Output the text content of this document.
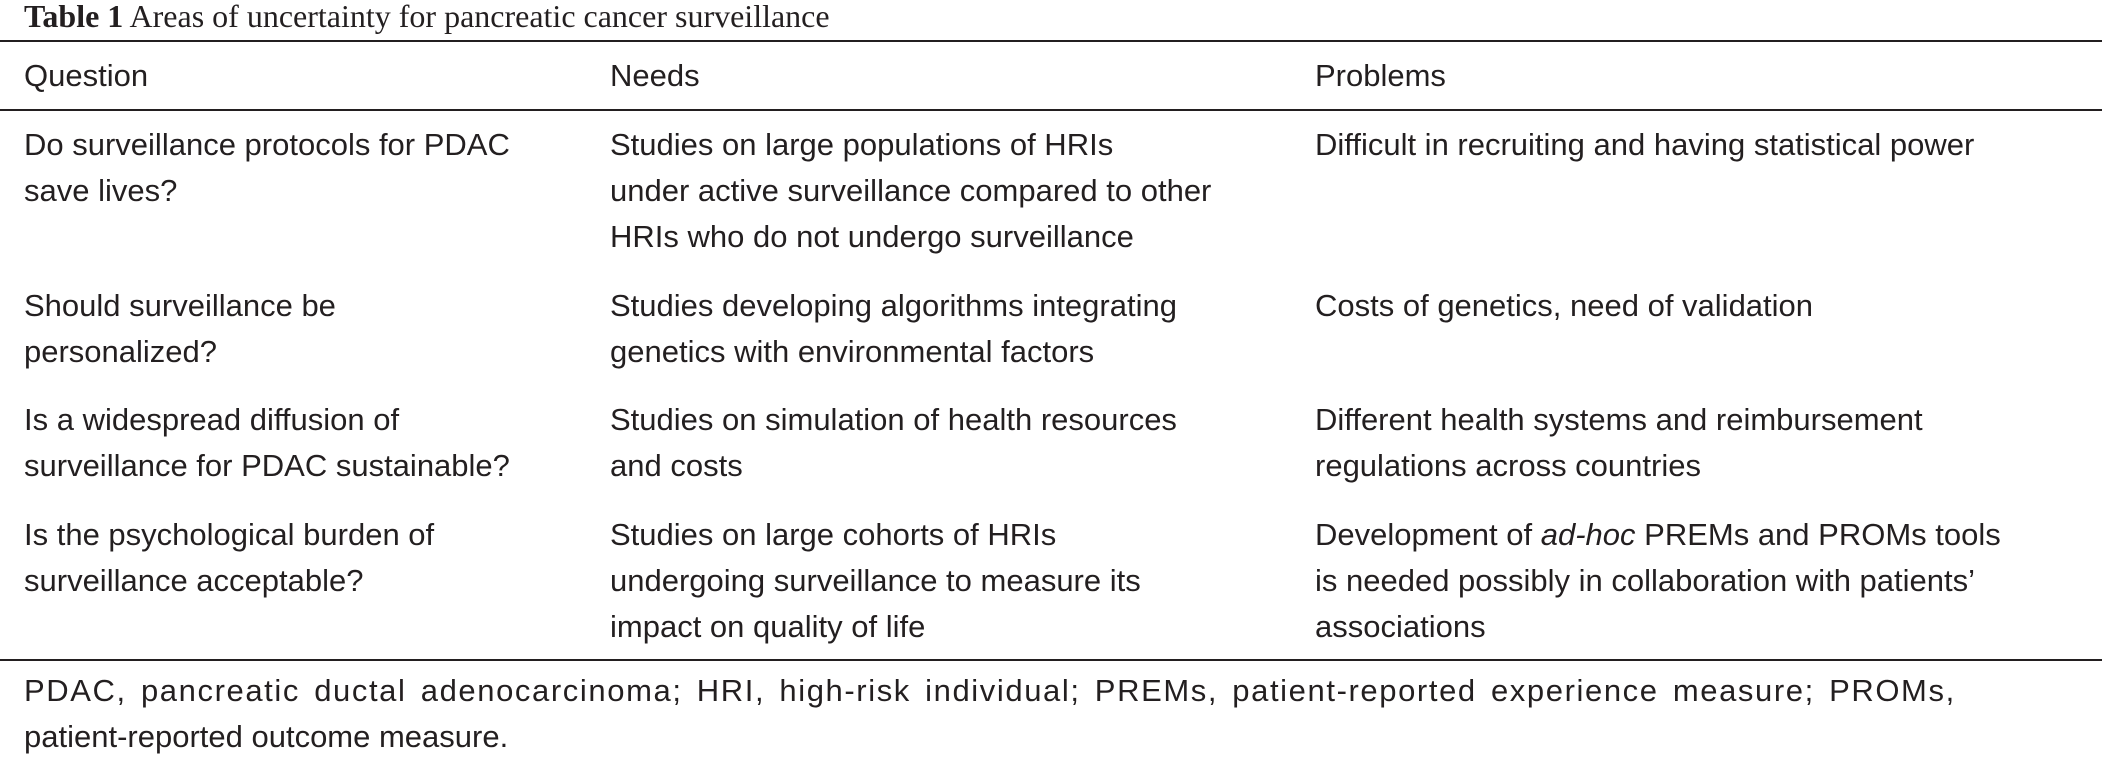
Table 1 Areas of uncertainty for pancreatic cancer surveillance
Question	Needs	Problems
Do surveillance protocols for PDAC
save lives?
Studies on large populations of HRIs
under active surveillance compared to other
HRIs who do not undergo surveillance
Difficult in recruiting and having statistical power
Should surveillance be
personalized?
Studies developing algorithms integrating
genetics with environmental factors
Costs of genetics, need of validation
Is a widespread diffusion of
surveillance for PDAC sustainable?
Studies on simulation of health resources
and costs
Different health systems and reimbursement
regulations across countries
Is the psychological burden of
surveillance acceptable?
Studies on large cohorts of HRIs
undergoing surveillance to measure its
impact on quality of life
Development of ad-hoc PREMs and PROMs tools
is needed possibly in collaboration with patients’
associations
PDAC, pancreatic ductal adenocarcinoma; HRI, high-risk individual; PREMs, patient-reported experience measure; PROMs,
patient-reported outcome measure.
